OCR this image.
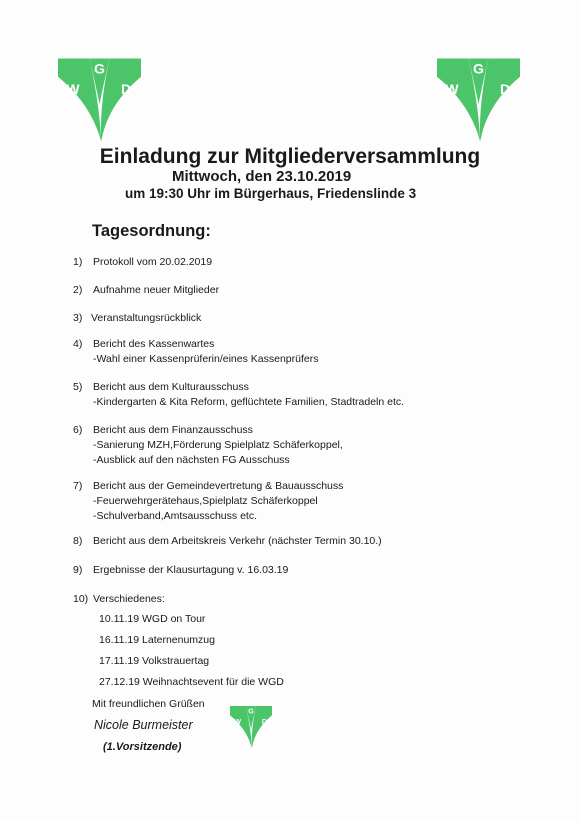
G
W D
G
W D
G
W D
Einladung zur Mitgliederversammlung
Mittwoch, den 23.10.2019
um 19:30 Uhr im Bürgerhaus, Friedenslinde 3
Tagesordnung:
1) Protokoll vom 20.02.2019
2) Aufnahme neuer Mitglieder
3) Veranstaltungsrückblick
4) Bericht des Kassenwartes
-Wahl einer Kassenprüferin/eines Kassenprüfers
5) Bericht aus dem Kulturausschuss
-Kindergarten & Kita Reform, geflüchtete Familien, Stadtradeln etc.
6) Bericht aus dem Finanzausschuss
-Sanierung MZH,Förderung Spielplatz Schäferkoppel,
-Ausblick auf den nächsten FG Ausschuss
7) Bericht aus der Gemeindevertretung & Bauausschuss
-Feuerwehrgerätehaus,Spielplatz Schäferkoppel
-Schulverband,Amtsausschuss etc.
8) Bericht aus dem Arbeitskreis Verkehr (nächster Termin 30.10.)
9) Ergebnisse der Klausurtagung v. 16.03.19
10) Verschiedenes:
10.11.19 WGD on Tour
16.11.19 Laternenumzug
17.11.19 Volkstrauertag
27.12.19 Weihnachtsevent für die WGD
Mit freundlichen Grüßen
Nicole Burmeister
(1.Vorsitzende)
